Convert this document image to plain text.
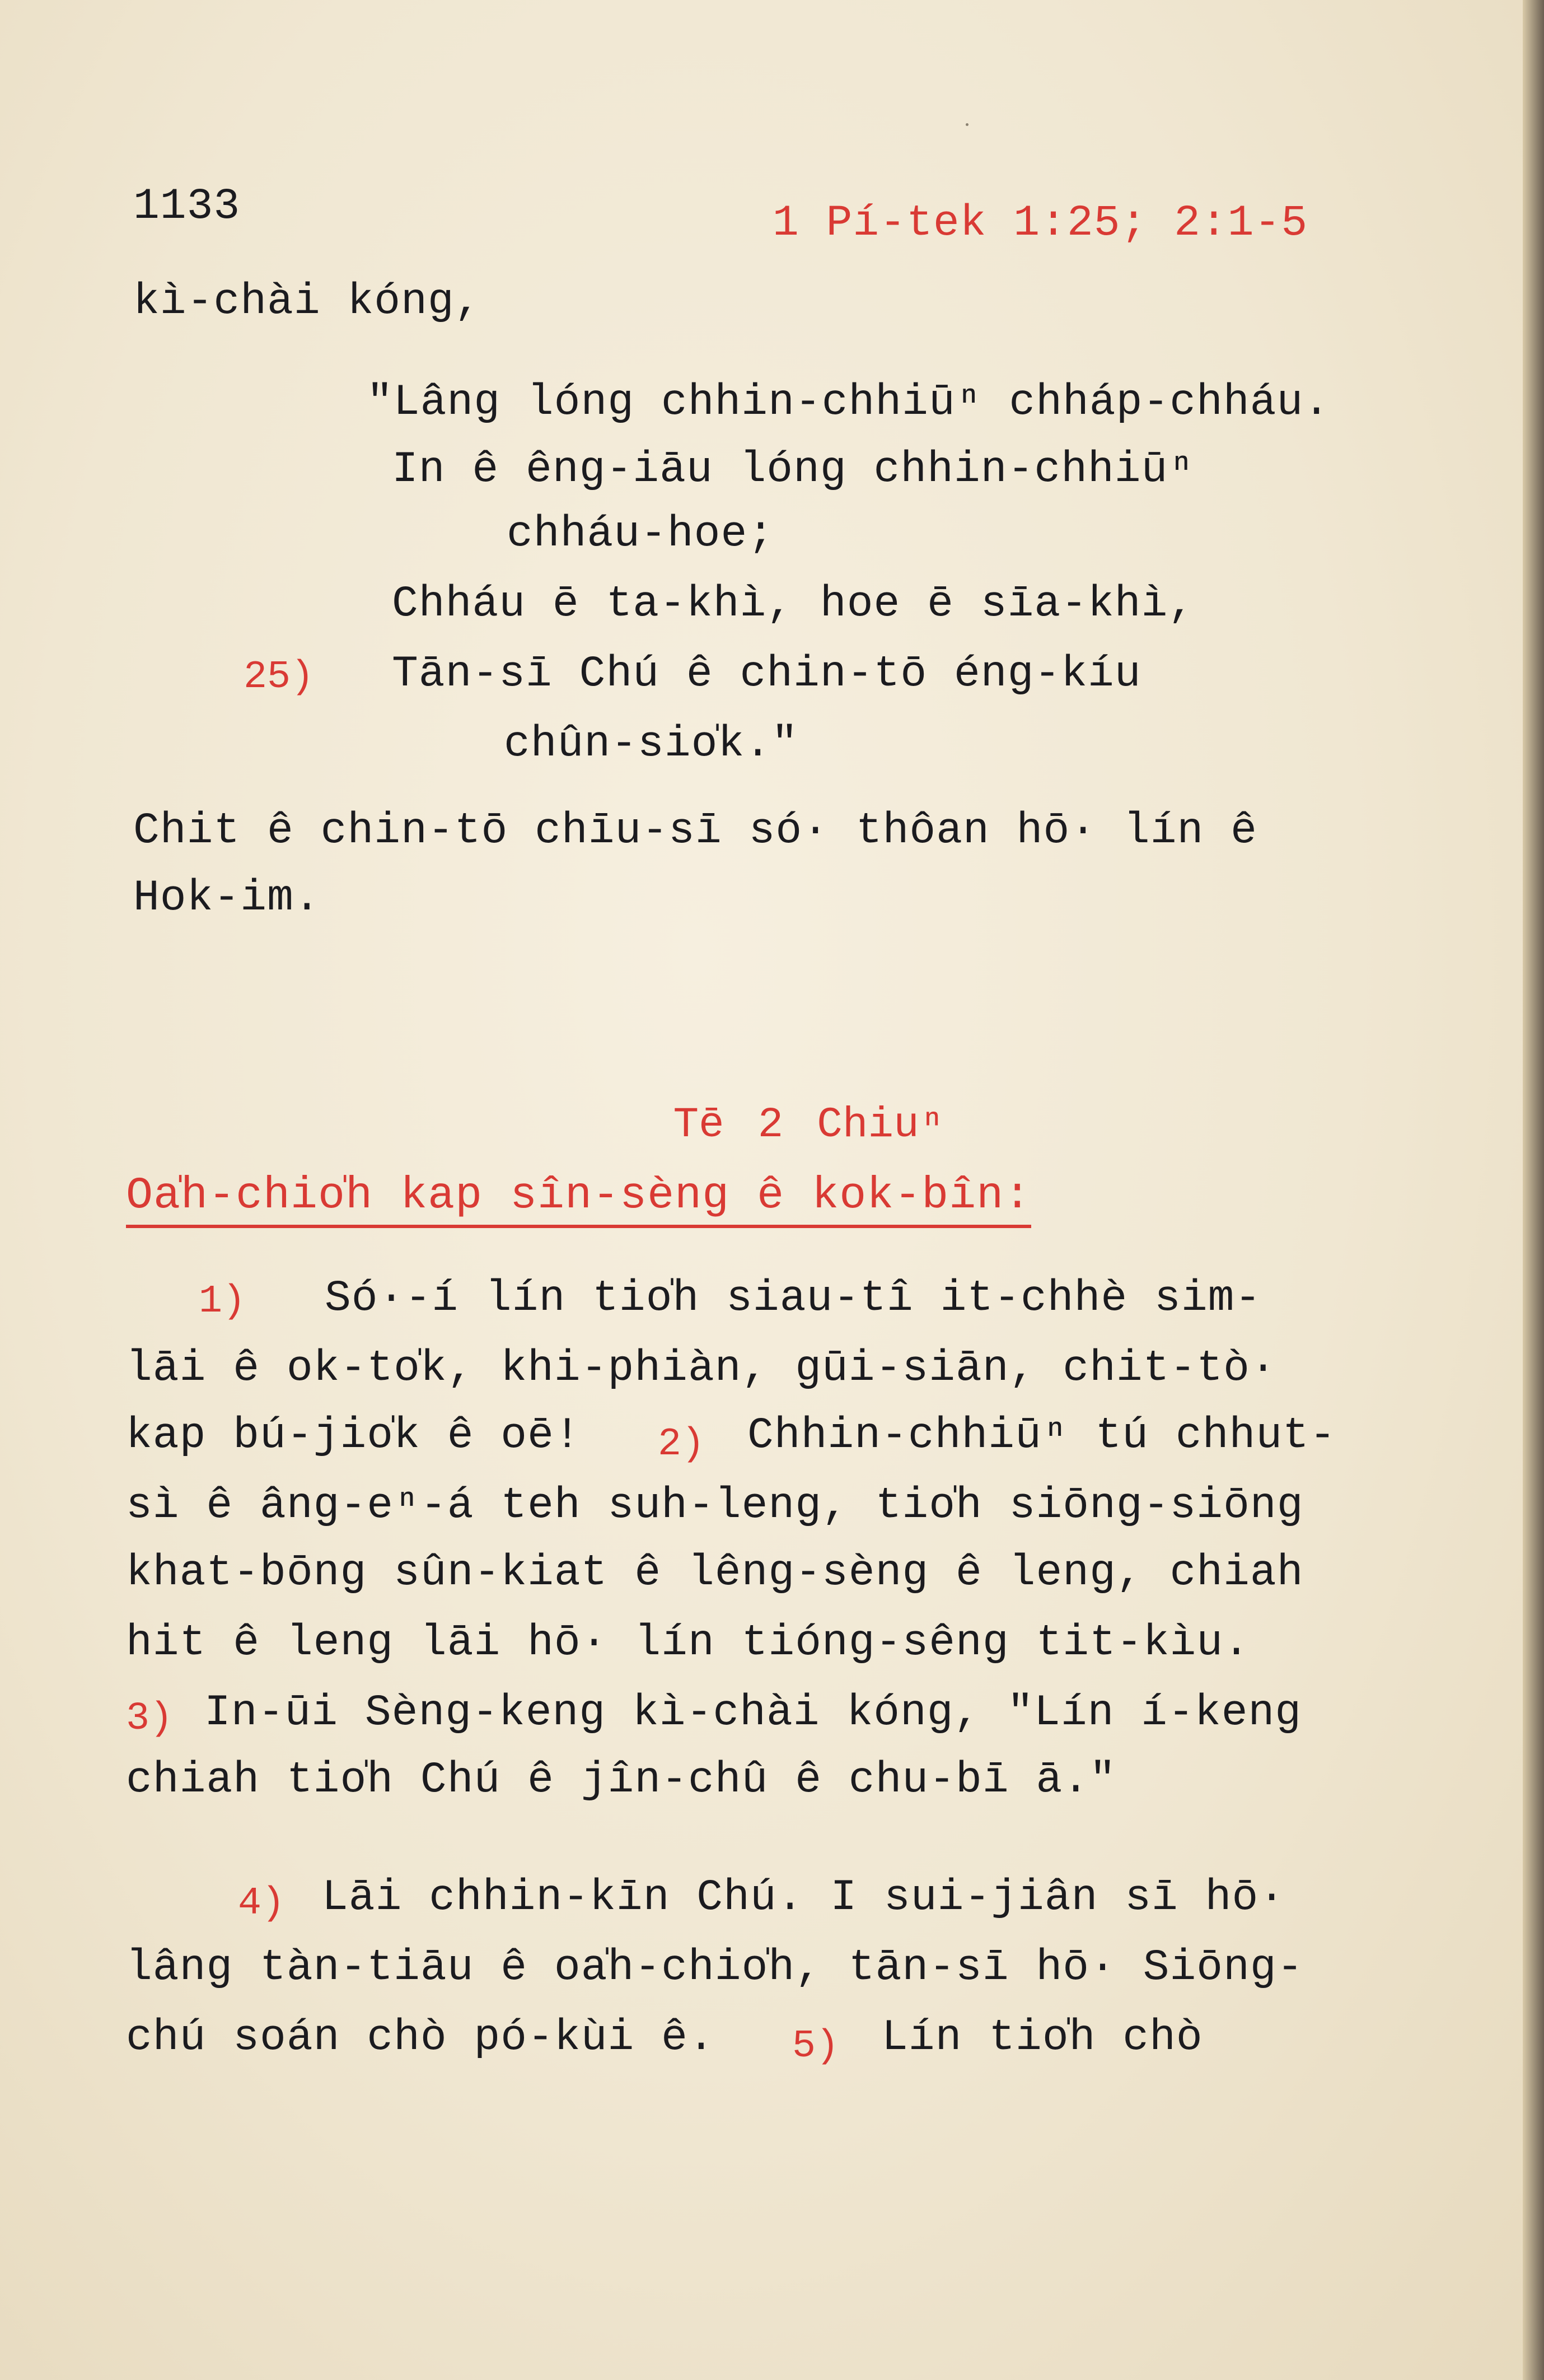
1133	1 Pí-tek 1:25; 2:1-5
kì-chài kóng,
"Lâng lóng chhin-chhiūⁿ chháp-chháu.
In ê êng-iāu lóng chhin-chhiūⁿ
chháu-hoe;
Chháu ē ta-khì, hoe ē sīa-khì,
25) Tān-sī Chú ê chin-tō éng-kíu
chûn-sio̍k."
Chit ê chin-tō chīu-sī só· thôan hō· lín ê
Hok-im.

Tē 2 Chiuⁿ

Oa̍h-chio̍h kap sîn-sèng ê kok-bîn:
1) Só·-í lín tio̍h siau-tî it-chhè sim-
lāi ê ok-to̍k, khi-phiàn, gūi-siān, chit-tò·
kap bú-jio̍k ê oē! 2) Chhin-chhiūⁿ tú chhut-
sì ê âng-eⁿ-á teh suh-leng, tio̍h siōng-siōng
khat-bōng sûn-kiat ê lêng-sèng ê leng, chiah
hit ê leng lāi hō· lín tióng-sêng tit-kìu.
3) In-ūi Sèng-keng kì-chài kóng, "Lín í-keng
chiah tio̍h Chú ê jîn-chû ê chu-bī ā."
4) Lāi chhin-kīn Chú. I sui-jiân sī hō·
lâng tàn-tiāu ê oa̍h-chio̍h, tān-sī hō· Siōng-
chú soán chò pó-kùi ê. 5) Lín tio̍h chò
